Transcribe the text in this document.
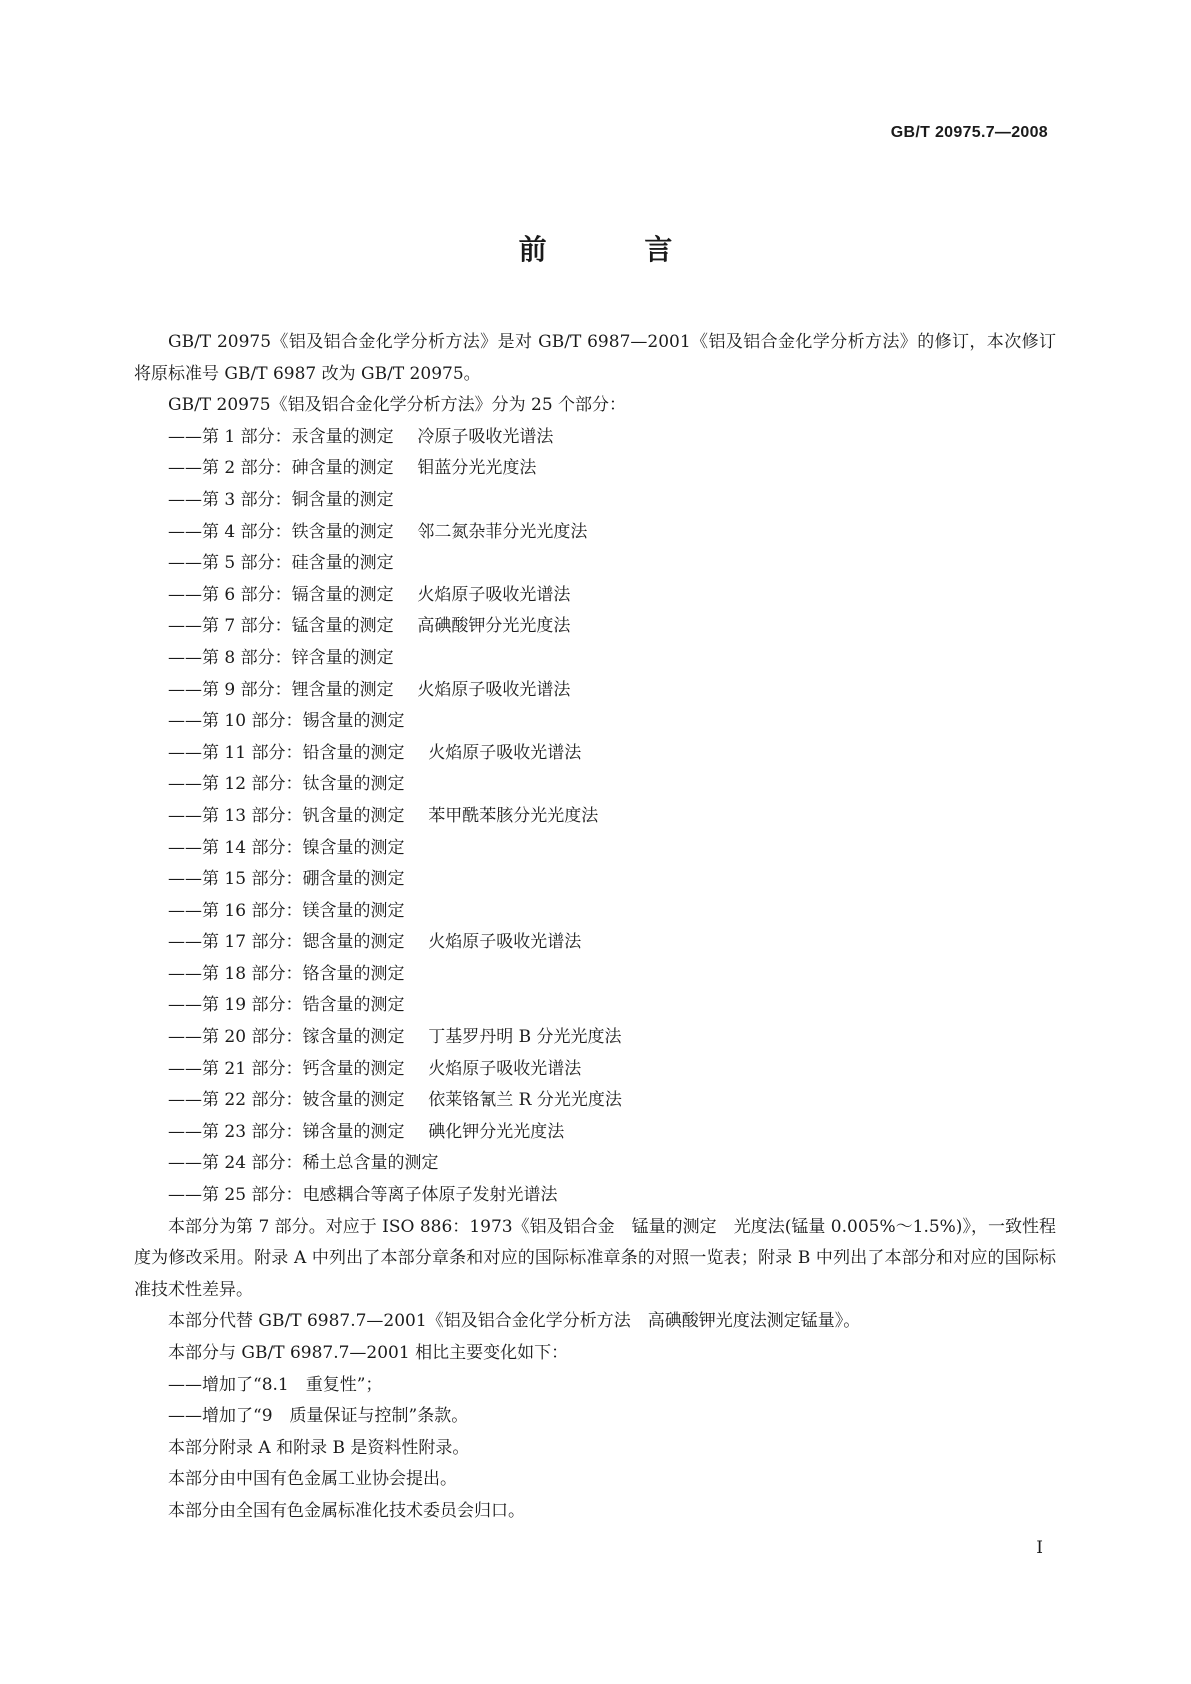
GB/T 20975.7—2008
前 言

GB/T 20975《铝及铝合金化学分析方法》是对 GB/T 6987—2001《铝及铝合金化学分析方法》的修订，本次修订将原标准号 GB/T 6987 改为 GB/T 20975。

GB/T 20975《铝及铝合金化学分析方法》分为 25 个部分：

——第 1 部分：汞含量的测定 冷原子吸收光谱法
——第 2 部分：砷含量的测定 钼蓝分光光度法
——第 3 部分：铜含量的测定
——第 4 部分：铁含量的测定 邻二氮杂菲分光光度法
——第 5 部分：硅含量的测定
——第 6 部分：镉含量的测定 火焰原子吸收光谱法
——第 7 部分：锰含量的测定 高碘酸钾分光光度法
——第 8 部分：锌含量的测定
——第 9 部分：锂含量的测定 火焰原子吸收光谱法
——第 10 部分：锡含量的测定
——第 11 部分：铅含量的测定 火焰原子吸收光谱法
——第 12 部分：钛含量的测定
——第 13 部分：钒含量的测定 苯甲酰苯胲分光光度法
——第 14 部分：镍含量的测定
——第 15 部分：硼含量的测定
——第 16 部分：镁含量的测定
——第 17 部分：锶含量的测定 火焰原子吸收光谱法
——第 18 部分：铬含量的测定
——第 19 部分：锆含量的测定
——第 20 部分：镓含量的测定 丁基罗丹明 B 分光光度法
——第 21 部分：钙含量的测定 火焰原子吸收光谱法
——第 22 部分：铍含量的测定 依莱铬氰兰 R 分光光度法
——第 23 部分：锑含量的测定 碘化钾分光光度法
——第 24 部分：稀土总含量的测定
——第 25 部分：电感耦合等离子体原子发射光谱法

本部分为第 7 部分。对应于 ISO 886：1973《铝及铝合金　锰量的测定　光度法(锰量 0.005%～1.5%)》，一致性程度为修改采用。附录 A 中列出了本部分章条和对应的国际标准章条的对照一览表；附录 B 中列出了本部分和对应的国际标准技术性差异。

本部分代替 GB/T 6987.7—2001《铝及铝合金化学分析方法　高碘酸钾光度法测定锰量》。

本部分与 GB/T 6987.7—2001 相比主要变化如下：

——增加了“8.1　重复性”；
——增加了“9　质量保证与控制”条款。

本部分附录 A 和附录 B 是资料性附录。

本部分由中国有色金属工业协会提出。

本部分由全国有色金属标准化技术委员会归口。

I
